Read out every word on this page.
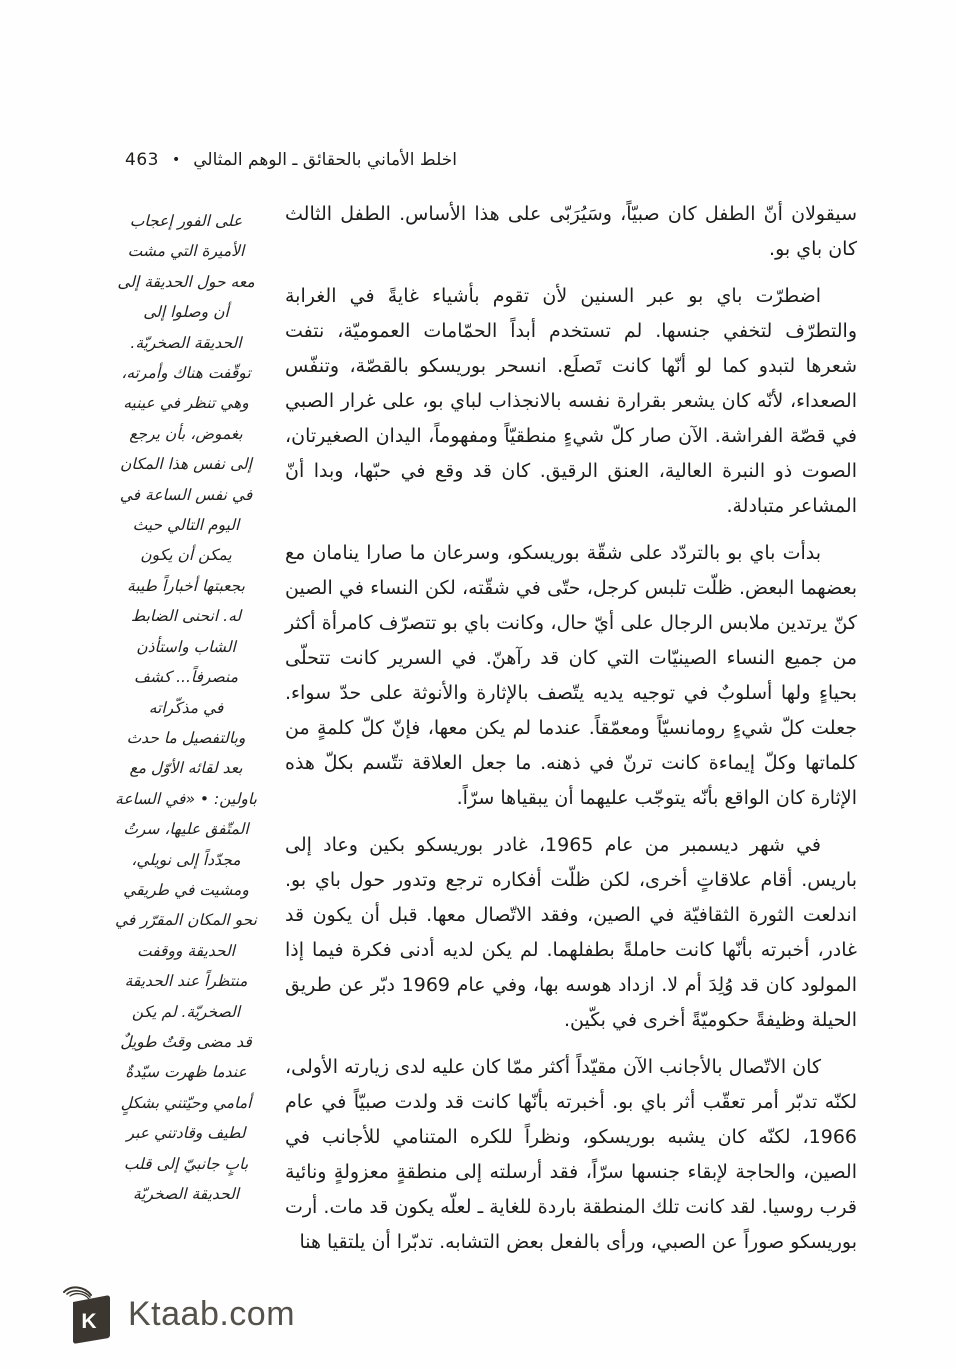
463 • اخلط الأماني بالحقائق ـ الوهم المثالي
على الفور إعجاب
الأميرة التي مشت
معه حول الحديقة إلى
أن وصلوا إلى
الحديقة الصخريّة.
توقّفت هناك وأمرته،
وهي تنظر في عينيه
بغموض، بأن يرجع
إلى نفس هذا المكان
في نفس الساعة في
اليوم التالي حيث
يمكن أن يكون
بجعبتها أخباراً طيبة
له. انحنى الضابط
الشاب واستأذن
منصرفاً... كشف
في مذكّراته
وبالتفصيل ما حدث
بعد لقائه الأوّل مع
باولين: • «في الساعة
المتّفق عليها، سرتُ
مجدّداً إلى نويلي،
ومشيت في طريقي
نحو المكان المقرّر في
الحديقة ووقفت
منتظراً عند الحديقة
الصخريّة. لم يكن
قد مضى وقتٌ طويلٌ
عندما ظهرت سيّدةٌ
أمامي وحيّتني بشكلٍ
لطيف وقادتني عبر
بابٍ جانبيّ إلى قلب
الحديقة الصخريّة

سيقولان أنّ الطفل كان صبيّاً، وسَيُرَبّى على هذا الأساس. الطفل الثالث كان باي بو.

اضطرّت باي بو عبر السنين لأن تقوم بأشياء غايةً في الغرابة والتطرّف لتخفي جنسها. لم تستخدم أبداً الحمّامات العموميّة، نتفت شعرها لتبدو كما لو أنّها كانت تَصلَع. انسحر بوريسكو بالقصّة، وتنفّس الصعداء، لأنّه كان يشعر بقرارة نفسه بالانجذاب لباي بو، على غرار الصبي في قصّة الفراشة. الآن صار كلّ شيءٍ منطقيّاً ومفهوماً، اليدان الصغيرتان، الصوت ذو النبرة العالية، العنق الرقيق. كان قد وقع في حبّها، وبدا أنّ المشاعر متبادلة.

بدأت باي بو بالتردّد على شقّة بوريسكو، وسرعان ما صارا ينامان مع بعضهما البعض. ظلّت تلبس كرجل، حتّى في شقّته، لكن النساء في الصين كنّ يرتدين ملابس الرجال على أيّ حال، وكانت باي بو تتصرّف كامرأة أكثر من جميع النساء الصينيّات التي كان قد رآهنّ. في السرير كانت تتحلّى بحياءٍ ولها أسلوبٌ في توجيه يديه يتّصف بالإثارة والأنوثة على حدّ سواء. جعلت كلّ شيءٍ رومانسيّاً ومعمّقاً. عندما لم يكن معها، فإنّ كلّ كلمةٍ من كلماتها وكلّ إيماءة كانت ترنّ في ذهنه. ما جعل العلاقة تتّسم بكلّ هذه الإثارة كان الواقع بأنّه يتوجّب عليهما أن يبقياها سرّاً.

في شهر ديسمبر من عام 1965، غادر بوريسكو بكين وعاد إلى باريس. أقام علاقاتٍ أخرى، لكن ظلّت أفكاره ترجع وتدور حول باي بو. اندلعت الثورة الثقافيّة في الصين، وفقد الاتّصال معها. قبل أن يكون قد غادر، أخبرته بأنّها كانت حاملةً بطفلهما. لم يكن لديه أدنى فكرة فيما إذا المولود كان قد وُلِدَ أم لا. ازداد هوسه بها، وفي عام 1969 دبّر عن طريق الحيلة وظيفةً حكوميّةً أخرى في بكّين.

كان الاتّصال بالأجانب الآن مقيّداً أكثر ممّا كان عليه لدى زيارته الأولى، لكنّه تدبّر أمر تعقّب أثر باي بو. أخبرته بأنّها كانت قد ولدت صبيّاً في عام 1966، لكنّه كان يشبه بوريسكو، ونظراً للكره المتنامي للأجانب في الصين، والحاجة لإبقاء جنسها سرّاً، فقد أرسلته إلى منطقةٍ معزولةٍ ونائية قرب روسيا. لقد كانت تلك المنطقة باردة للغاية ـ لعلّه يكون قد مات. أرت بوريسكو صوراً عن الصبي، ورأى بالفعل بعض التشابه. تدبّرا أن يلتقيا هنا

K Ktaab.com
